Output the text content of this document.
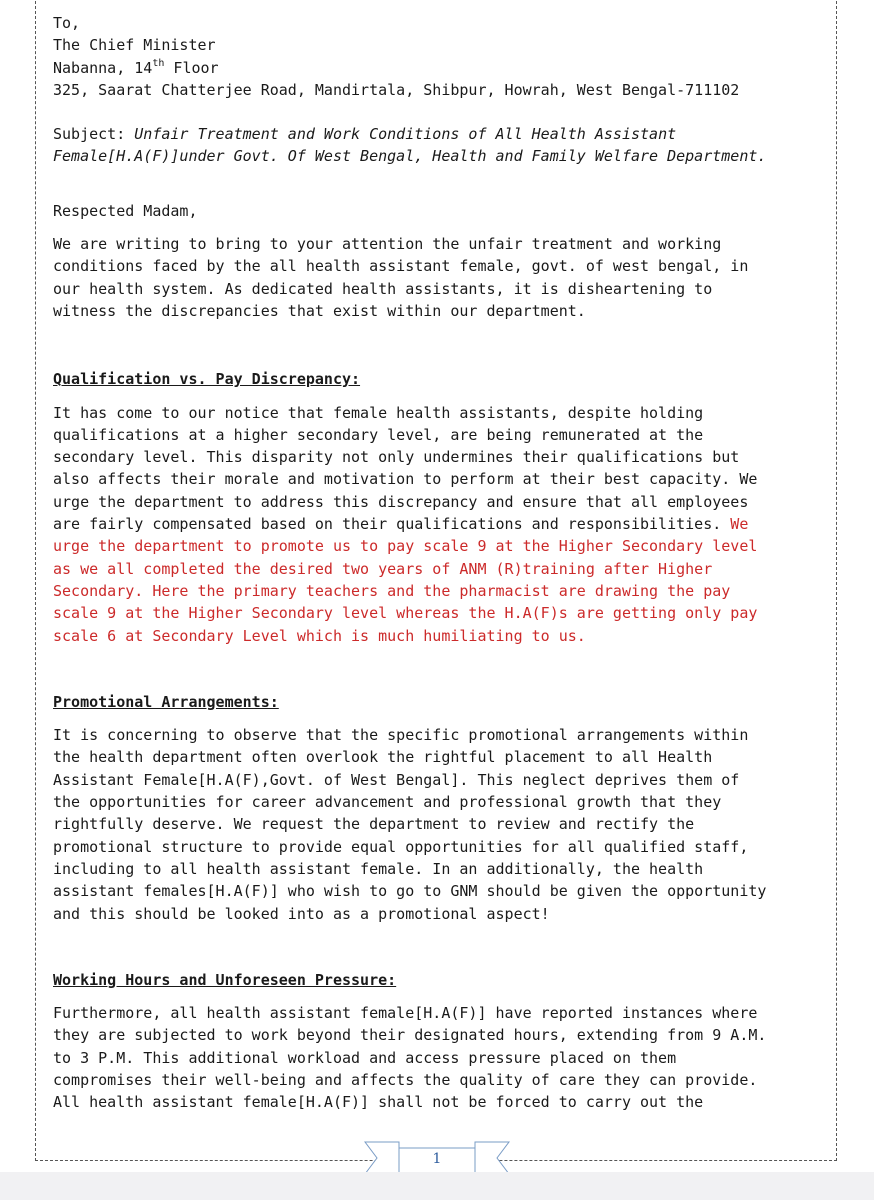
To,
The Chief Minister
Nabanna, 14th Floor
325, Saarat Chatterjee Road, Mandirtala, Shibpur, Howrah, West Bengal-711102
Subject: Unfair Treatment and Work Conditions of All Health Assistant
Female[H.A(F)]under Govt. Of West Bengal, Health and Family Welfare Department.
Respected Madam,
We are writing to bring to your attention the unfair treatment and working
conditions faced by the all health assistant female, govt. of west bengal, in
our health system. As dedicated health assistants, it is disheartening to
witness the discrepancies that exist within our department.
Qualification vs. Pay Discrepancy:
It has come to our notice that female health assistants, despite holding
qualifications at a higher secondary level, are being remunerated at the
secondary level. This disparity not only undermines their qualifications but
also affects their morale and motivation to perform at their best capacity. We
urge the department to address this discrepancy and ensure that all employees
are fairly compensated based on their qualifications and responsibilities. We
urge the department to promote us to pay scale 9 at the Higher Secondary level
as we all completed the desired two years of ANM (R)training after Higher
Secondary. Here the primary teachers and the pharmacist are drawing the pay
scale 9 at the Higher Secondary level whereas the H.A(F)s are getting only pay
scale 6 at Secondary Level which is much humiliating to us.
Promotional Arrangements:
It is concerning to observe that the specific promotional arrangements within
the health department often overlook the rightful placement to all Health
Assistant Female[H.A(F),Govt. of West Bengal]. This neglect deprives them of
the opportunities for career advancement and professional growth that they
rightfully deserve. We request the department to review and rectify the
promotional structure to provide equal opportunities for all qualified staff,
including to all health assistant female. In an additionally, the health
assistant females[H.A(F)] who wish to go to GNM should be given the opportunity
and this should be looked into as a promotional aspect!
Working Hours and Unforeseen Pressure:
Furthermore, all health assistant female[H.A(F)] have reported instances where
they are subjected to work beyond their designated hours, extending from 9 A.M.
to 3 P.M. This additional workload and access pressure placed on them
compromises their well-being and affects the quality of care they can provide.
All health assistant female[H.A(F)] shall not be forced to carry out the
1
